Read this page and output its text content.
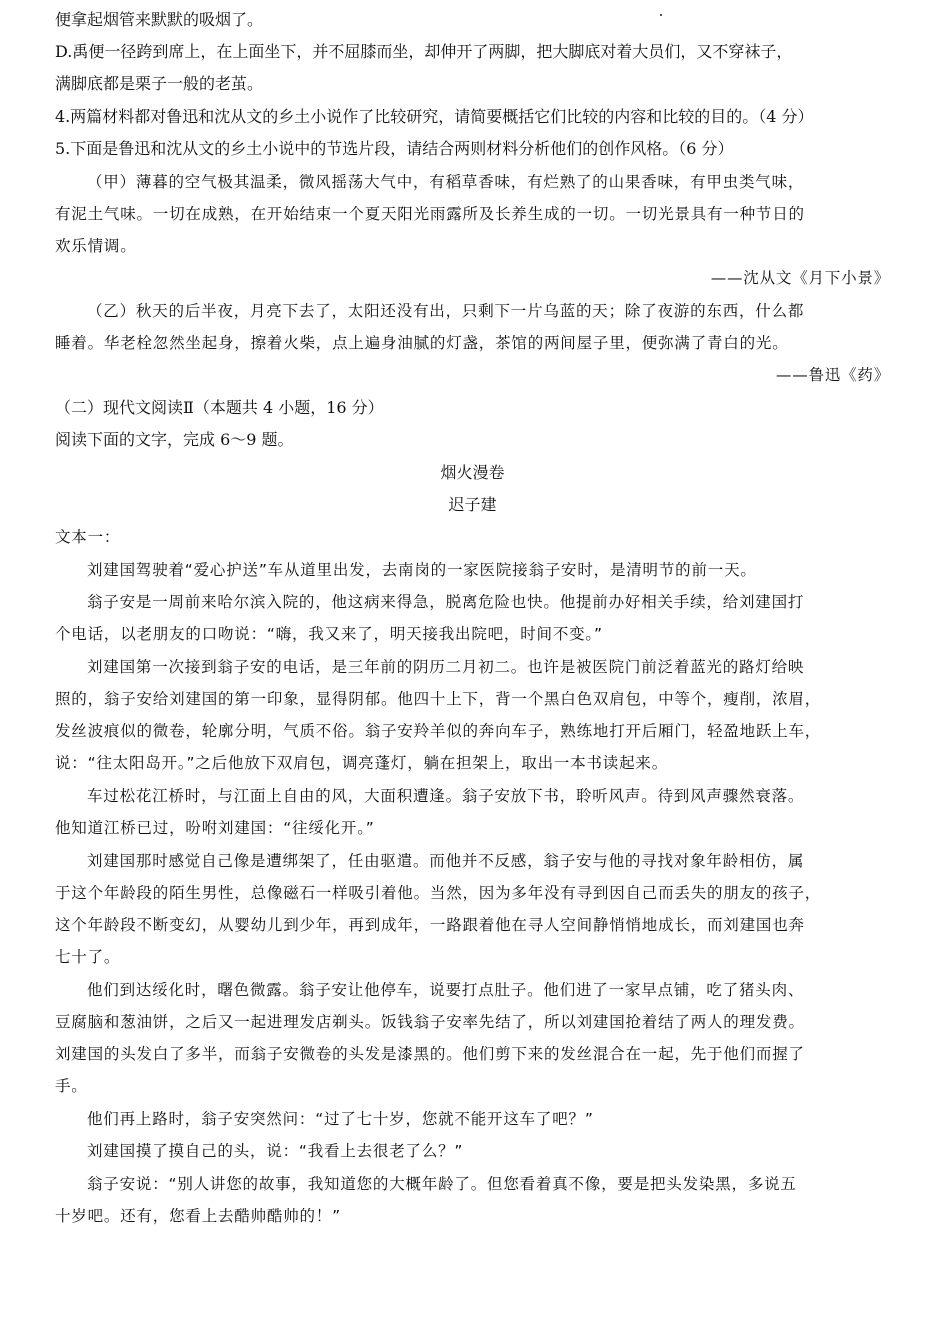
便拿起烟管来默默的吸烟了。
D.禹便一径跨到席上，在上面坐下，并不屈膝而坐，却伸开了两脚，把大脚底对着大员们，又不穿袜子，
满脚底都是栗子一般的老茧。
4.两篇材料都对鲁迅和沈从文的乡土小说作了比较研究，请简要概括它们比较的内容和比较的目的。（4 分）
5.下面是鲁迅和沈从文的乡土小说中的节选片段，请结合两则材料分析他们的创作风格。（6 分）
（甲）薄暮的空气极其温柔，微风摇荡大气中，有稻草香味，有烂熟了的山果香味，有甲虫类气味，
有泥土气味。一切在成熟，在开始结束一个夏天阳光雨露所及长养生成的一切。一切光景具有一种节日的
欢乐情调。
——沈从文《月下小景》
（乙）秋天的后半夜，月亮下去了，太阳还没有出，只剩下一片乌蓝的天；除了夜游的东西，什么都
睡着。华老栓忽然坐起身，擦着火柴，点上遍身油腻的灯盏，茶馆的两间屋子里，便弥满了青白的光。
——鲁迅《药》
（二）现代文阅读Ⅱ（本题共 4 小题，16 分）
阅读下面的文字，完成 6～9 题。
烟火漫卷
迟子建
文本一：
刘建国驾驶着“爱心护送”车从道里出发，去南岗的一家医院接翁子安时，是清明节的前一天。
翁子安是一周前来哈尔滨入院的，他这病来得急，脱离危险也快。他提前办好相关手续，给刘建国打
个电话，以老朋友的口吻说：“嗨，我又来了，明天接我出院吧，时间不变。”
刘建国第一次接到翁子安的电话，是三年前的阴历二月初二。也许是被医院门前泛着蓝光的路灯给映
照的，翁子安给刘建国的第一印象，显得阴郁。他四十上下，背一个黑白色双肩包，中等个，瘦削，浓眉，
发丝波痕似的微卷，轮廓分明，气质不俗。翁子安羚羊似的奔向车子，熟练地打开后厢门，轻盈地跃上车，
说：“往太阳岛开。”之后他放下双肩包，调亮蓬灯，躺在担架上，取出一本书读起来。
车过松花江桥时，与江面上自由的风，大面积遭逢。翁子安放下书，聆听风声。待到风声骤然衰落。
他知道江桥已过，吩咐刘建国：“往绥化开。”
刘建国那时感觉自己像是遭绑架了，任由驱遣。而他并不反感，翁子安与他的寻找对象年龄相仿，属
于这个年龄段的陌生男性，总像磁石一样吸引着他。当然，因为多年没有寻到因自己而丢失的朋友的孩子，
这个年龄段不断变幻，从婴幼儿到少年，再到成年，一路跟着他在寻人空间静悄悄地成长，而刘建国也奔
七十了。
他们到达绥化时，曙色微露。翁子安让他停车，说要打点肚子。他们进了一家早点铺，吃了猪头肉、
豆腐脑和葱油饼，之后又一起进理发店剃头。饭钱翁子安率先结了，所以刘建国抢着结了两人的理发费。
刘建国的头发白了多半，而翁子安微卷的头发是漆黑的。他们剪下来的发丝混合在一起，先于他们而握了
手。
他们再上路时，翁子安突然问：“过了七十岁，您就不能开这车了吧？”
刘建国摸了摸自己的头，说：“我看上去很老了么？”
翁子安说：“别人讲您的故事，我知道您的大概年龄了。但您看着真不像，要是把头发染黑，多说五
十岁吧。还有，您看上去酷帅酷帅的！”
